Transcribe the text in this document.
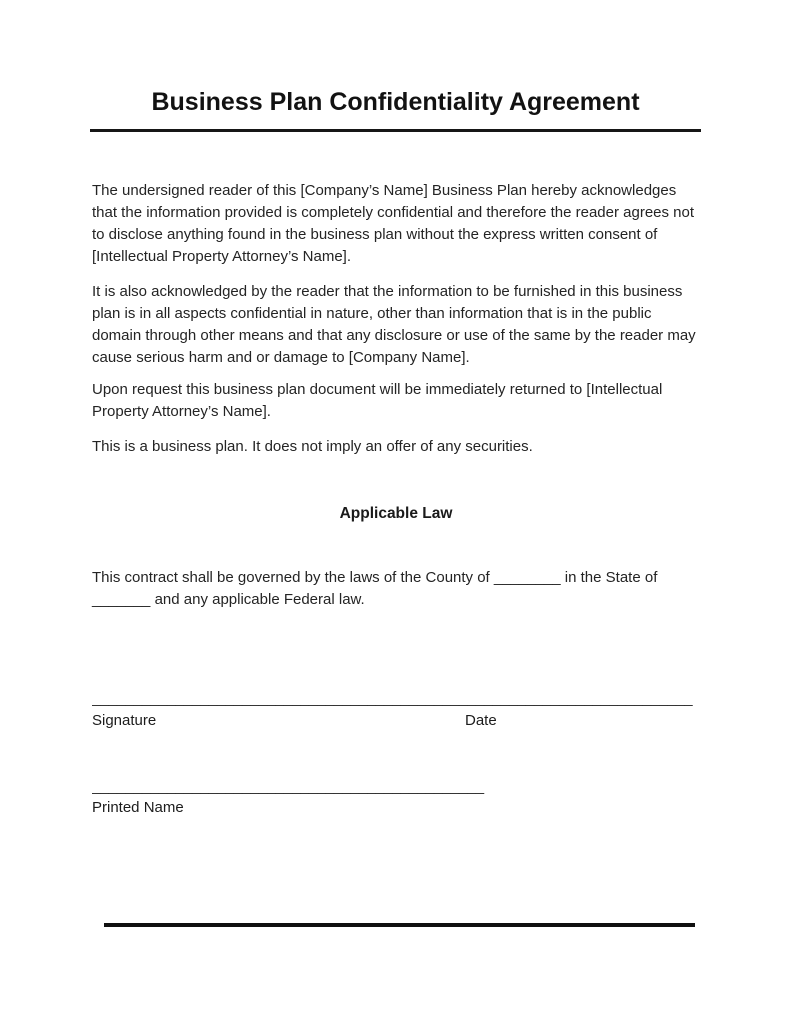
Business Plan Confidentiality Agreement

The undersigned reader of this [Company’s Name] Business Plan hereby acknowledges that the information provided is completely confidential and therefore the reader agrees not to disclose anything found in the business plan without the express written consent of [Intellectual Property Attorney’s Name].

It is also acknowledged by the reader that the information to be furnished in this business plan is in all aspects confidential in nature, other than information that is in the public domain through other means and that any disclosure or use of the same by the reader may cause serious harm and or damage to [Company Name].

Upon request this business plan document will be immediately returned to [Intellectual Property Attorney’s Name].

This is a business plan. It does not imply an offer of any securities.

Applicable Law

This contract shall be governed by the laws of the County of ________ in the State of _______ and any applicable Federal law.

________________________________________________________________________
Signature	Date
_______________________________________________
Printed Name
